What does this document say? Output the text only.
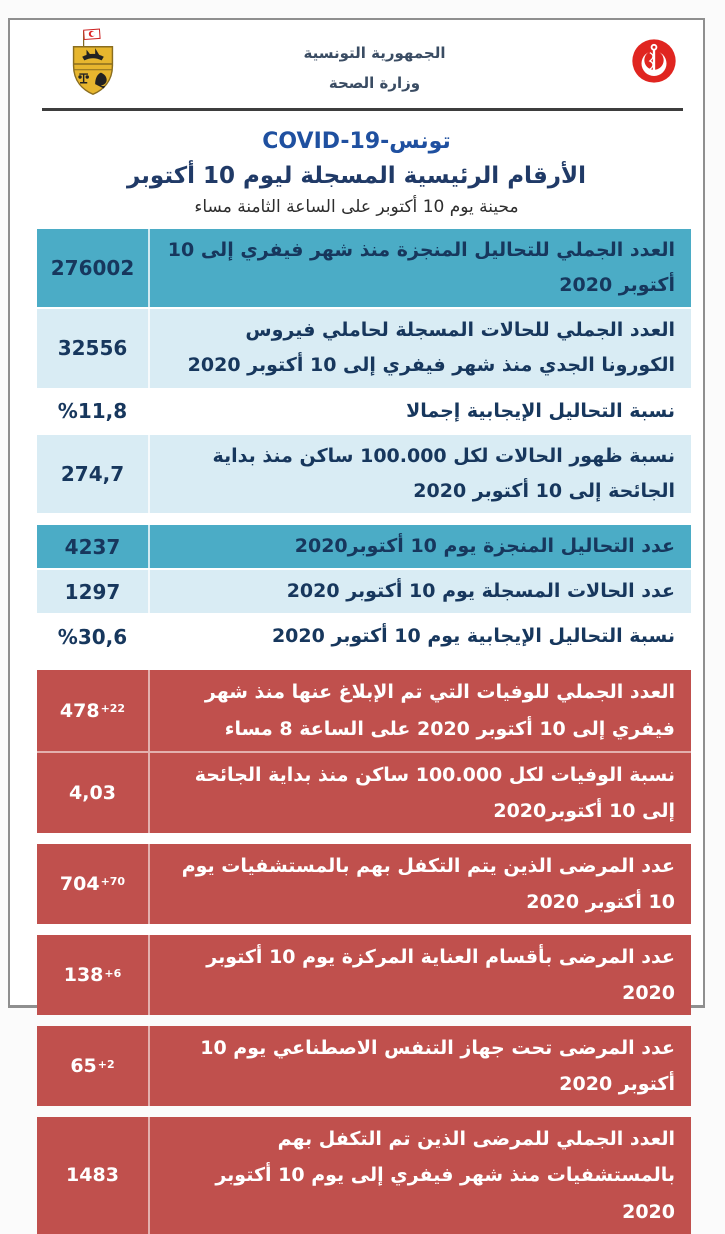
الجمهورية التونسية
وزارة الصحة
COVID-19-تونس
الأرقام الرئيسية المسجلة ليوم 10 أكتوبر
محينة يوم 10 أكتوبر على الساعة الثامنة مساء
العدد الجملي للتحاليل المنجزة منذ شهر فيفري إلى 10 أكتوبر 2020
276002
العدد الجملي للحالات المسجلة لحاملي فيروس الكورونا الجدي منذ شهر فيفري إلى 10 أكتوبر 2020
32556
نسبة التحاليل الإيجابية إجمالا
%11,8
نسبة ظهور الحالات لكل 100.000 ساكن منذ بداية الجائحة إلى 10 أكتوبر 2020
274,7
عدد التحاليل المنجزة يوم 10 أكتوبر2020
4237
عدد الحالات المسجلة يوم 10 أكتوبر 2020
1297
نسبة التحاليل الإيجابية يوم 10 أكتوبر 2020
%30,6
العدد الجملي للوفيات التي تم الإبلاغ عنها منذ شهر فيفري إلى 10 أكتوبر 2020 على الساعة 8 مساء
$478^{+22}$
نسبة الوفيات لكل 100.000 ساكن منذ بداية الجائحة إلى 10 أكتوبر2020
4,03
عدد المرضى الذين يتم التكفل بهم بالمستشفيات يوم 10 أكتوبر 2020
$704^{+70}$
عدد المرضى بأقسام العناية المركزة يوم 10 أكتوبر 2020
$138^{+6}$
عدد المرضى تحت جهاز التنفس الاصطناعي يوم 10 أكتوبر 2020
$65^{+2}$
العدد الجملي للمرضى الذين تم التكفل بهم بالمستشفيات منذ شهر فيفري إلى يوم 10 أكتوبر 2020
1483
